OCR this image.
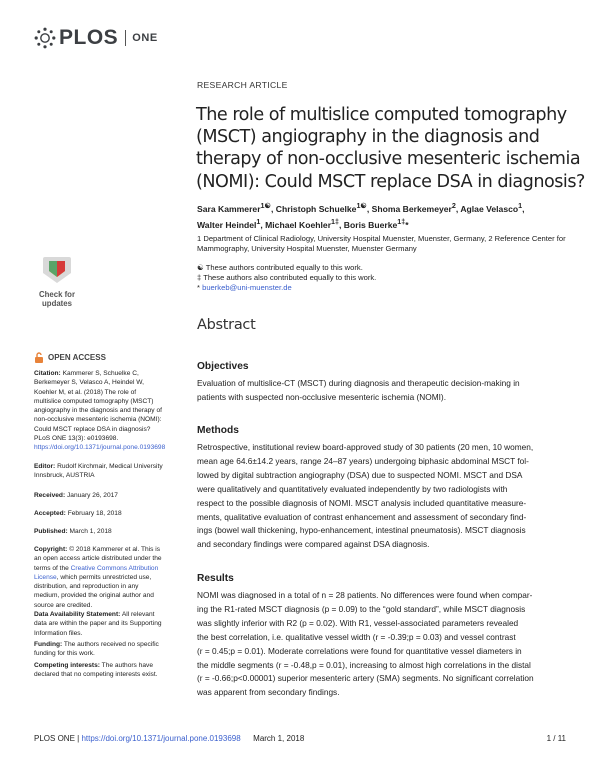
PLOS ONE
RESEARCH ARTICLE
The role of multislice computed tomography (MSCT) angiography in the diagnosis and therapy of non-occlusive mesenteric ischemia (NOMI): Could MSCT replace DSA in diagnosis?
Sara Kammerer$^{1☯}$, Christoph Schuelke$^{1☯}$, Shoma Berkemeyer$^2$, Aglae Velasco$^1$,
Walter Heindel$^1$, Michael Koehler$^{1\ddagger}$, Boris Buerke$^{1\ddagger}$*
1 Department of Clinical Radiology, University Hospital Muenster, Muenster, Germany, 2 Reference Center for Mammography, University Hospital Muenster, Muenster Germany
☯ These authors contributed equally to this work.
‡ These authors also contributed equally to this work.
* buerkeb@uni-muenster.de
Check for
updates
Abstract
Objectives
Evaluation of multislice-CT (MSCT) during diagnosis and therapeutic decision-making in
patients with suspected non-occlusive mesenteric ischemia (NOMI).
Methods
Retrospective, institutional review board-approved study of 30 patients (20 men, 10 women,
mean age 64.6±14.2 years, range 24–87 years) undergoing biphasic abdominal MSCT fol-
lowed by digital subtraction angiography (DSA) due to suspected NOMI. MSCT and DSA
were qualitatively and quantitatively evaluated independently by two radiologists with
respect to the possible diagnosis of NOMI. MSCT analysis included quantitative measure-
ments, qualitative evaluation of contrast enhancement and assessment of secondary find-
ings (bowel wall thickening, hypo-enhancement, intestinal pneumatosis). MSCT diagnosis
and secondary findings were compared against DSA diagnosis.
Results
NOMI was diagnosed in a total of n = 28 patients. No differences were found when compar-
ing the R1-rated MSCT diagnosis (p = 0.09) to the “gold standard”, while MSCT diagnosis
was slightly inferior with R2 (p = 0.02). With R1, vessel-associated parameters revealed
the best correlation, i.e. qualitative vessel width (r = -0.39;p = 0.03) and vessel contrast
(r = 0.45;p = 0.01). Moderate correlations were found for quantitative vessel diameters in
the middle segments (r = -0.48,p = 0.01), increasing to almost high correlations in the distal
(r = -0.66;p<0.00001) superior mesenteric artery (SMA) segments. No significant correlation
was apparent from secondary findings.
OPEN ACCESS
Citation: Kammerer S, Schuelke C, Berkemeyer S, Velasco A, Heindel W, Koehler M, et al. (2018) The role of multislice computed tomography (MSCT) angiography in the diagnosis and therapy of non-occlusive mesenteric ischemia (NOMI): Could MSCT replace DSA in diagnosis? PLoS ONE 13(3): e0193698. https://doi.org/10.1371/journal.pone.0193698
Editor: Rudolf Kirchmair, Medical University Innsbruck, AUSTRIA
Received: January 26, 2017
Accepted: February 18, 2018
Published: March 1, 2018
Copyright: © 2018 Kammerer et al. This is an open access article distributed under the terms of the Creative Commons Attribution License, which permits unrestricted use, distribution, and reproduction in any medium, provided the original author and source are credited.
Data Availability Statement: All relevant data are within the paper and its Supporting Information files.
Funding: The authors received no specific funding for this work.
Competing interests: The authors have declared that no competing interests exist.
PLOS ONE | https://doi.org/10.1371/journal.pone.0193698 March 1, 2018	1 / 11
